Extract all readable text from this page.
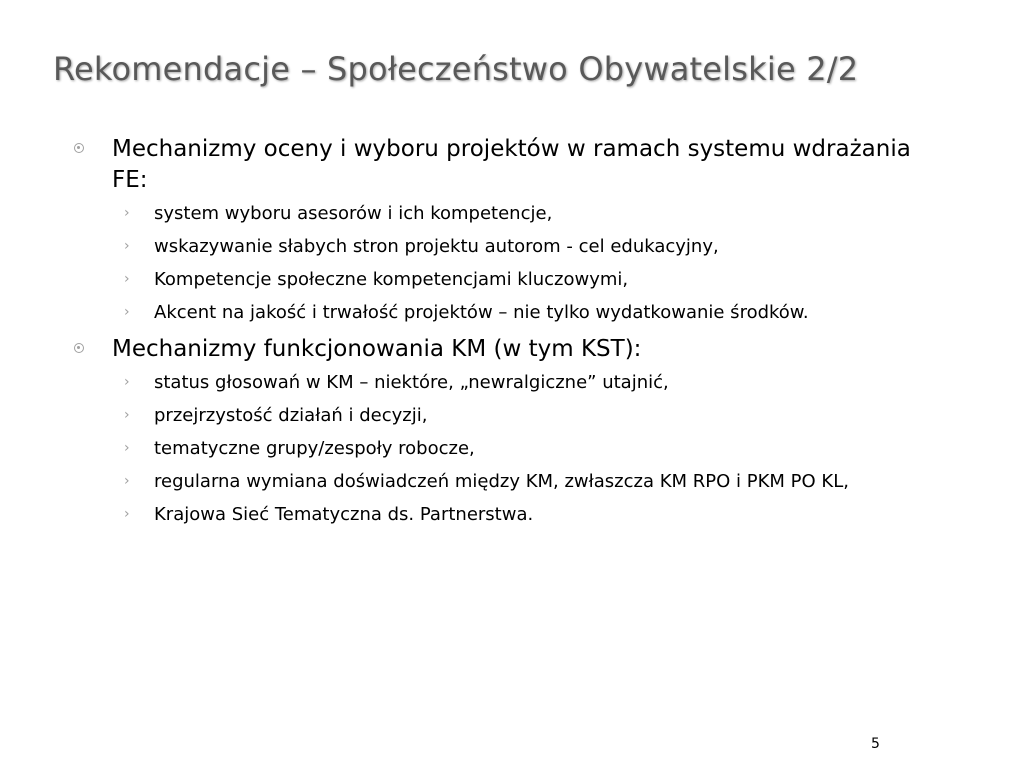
Rekomendacje – Społeczeństwo Obywatelskie 2/2
Mechanizmy oceny i wyboru projektów w ramach systemu wdrażania FE:
› system wyboru asesorów i ich kompetencje,
› wskazywanie słabych stron projektu autorom - cel edukacyjny,
› Kompetencje społeczne kompetencjami kluczowymi,
› Akcent na jakość i trwałość projektów – nie tylko wydatkowanie środków.
Mechanizmy funkcjonowania KM (w tym KST):
› status głosowań w KM – niektóre, „newralgiczne” utajnić,
› przejrzystość działań i decyzji,
› tematyczne grupy/zespoły robocze,
› regularna wymiana doświadczeń między KM, zwłaszcza KM RPO i PKM PO KL,
› Krajowa Sieć Tematyczna ds. Partnerstwa.
5
